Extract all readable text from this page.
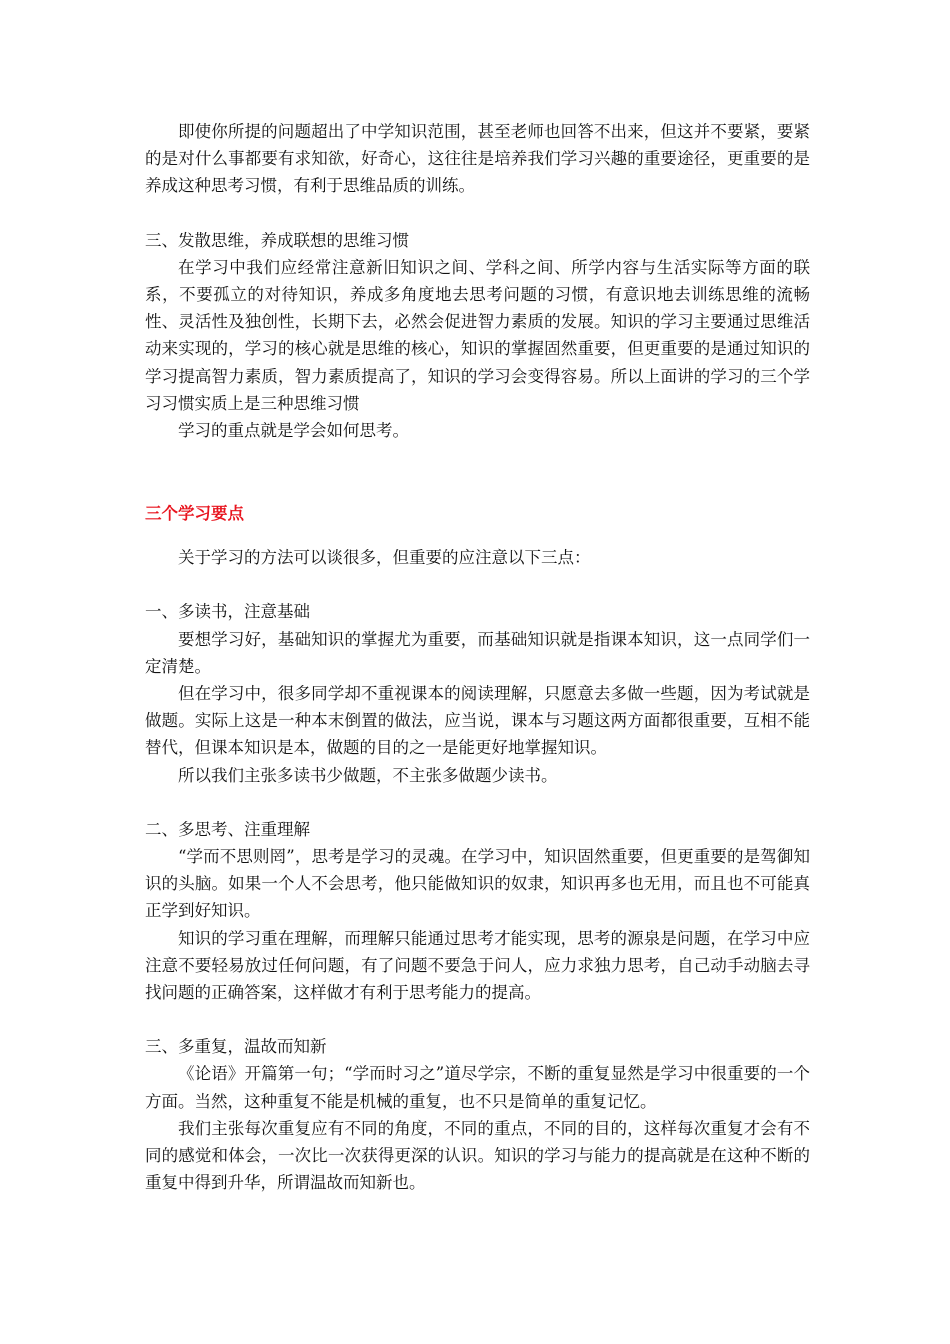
即使你所提的问题超出了中学知识范围，甚至老师也回答不出来，但这并不要紧，要紧的是对什么事都要有求知欲，好奇心，这往往是培养我们学习兴趣的重要途径，更重要的是养成这种思考习惯，有利于思维品质的训练。

三、发散思维，养成联想的思维习惯

在学习中我们应经常注意新旧知识之间、学科之间、所学内容与生活实际等方面的联系，不要孤立的对待知识，养成多角度地去思考问题的习惯，有意识地去训练思维的流畅性、灵活性及独创性，长期下去，必然会促进智力素质的发展。知识的学习主要通过思维活动来实现的，学习的核心就是思维的核心，知识的掌握固然重要，但更重要的是通过知识的学习提高智力素质，智力素质提高了，知识的学习会变得容易。所以上面讲的学习的三个学习习惯实质上是三种思维习惯

学习的重点就是学会如何思考。

三个学习要点

关于学习的方法可以谈很多，但重要的应注意以下三点：

一、多读书，注意基础

要想学习好，基础知识的掌握尤为重要，而基础知识就是指课本知识，这一点同学们一定清楚。

但在学习中，很多同学却不重视课本的阅读理解，只愿意去多做一些题，因为考试就是做题。实际上这是一种本末倒置的做法，应当说，课本与习题这两方面都很重要，互相不能替代，但课本知识是本，做题的目的之一是能更好地掌握知识。

所以我们主张多读书少做题，不主张多做题少读书。

二、多思考、注重理解

“学而不思则罔”，思考是学习的灵魂。在学习中，知识固然重要，但更重要的是驾御知识的头脑。如果一个人不会思考，他只能做知识的奴隶，知识再多也无用，而且也不可能真正学到好知识。

知识的学习重在理解，而理解只能通过思考才能实现，思考的源泉是问题，在学习中应注意不要轻易放过任何问题，有了问题不要急于问人，应力求独力思考，自己动手动脑去寻找问题的正确答案，这样做才有利于思考能力的提高。

三、多重复，温故而知新

《论语》开篇第一句；“学而时习之”道尽学宗，不断的重复显然是学习中很重要的一个方面。当然，这种重复不能是机械的重复，也不只是简单的重复记忆。

我们主张每次重复应有不同的角度，不同的重点，不同的目的，这样每次重复才会有不同的感觉和体会，一次比一次获得更深的认识。知识的学习与能力的提高就是在这种不断的重复中得到升华，所谓温故而知新也。
